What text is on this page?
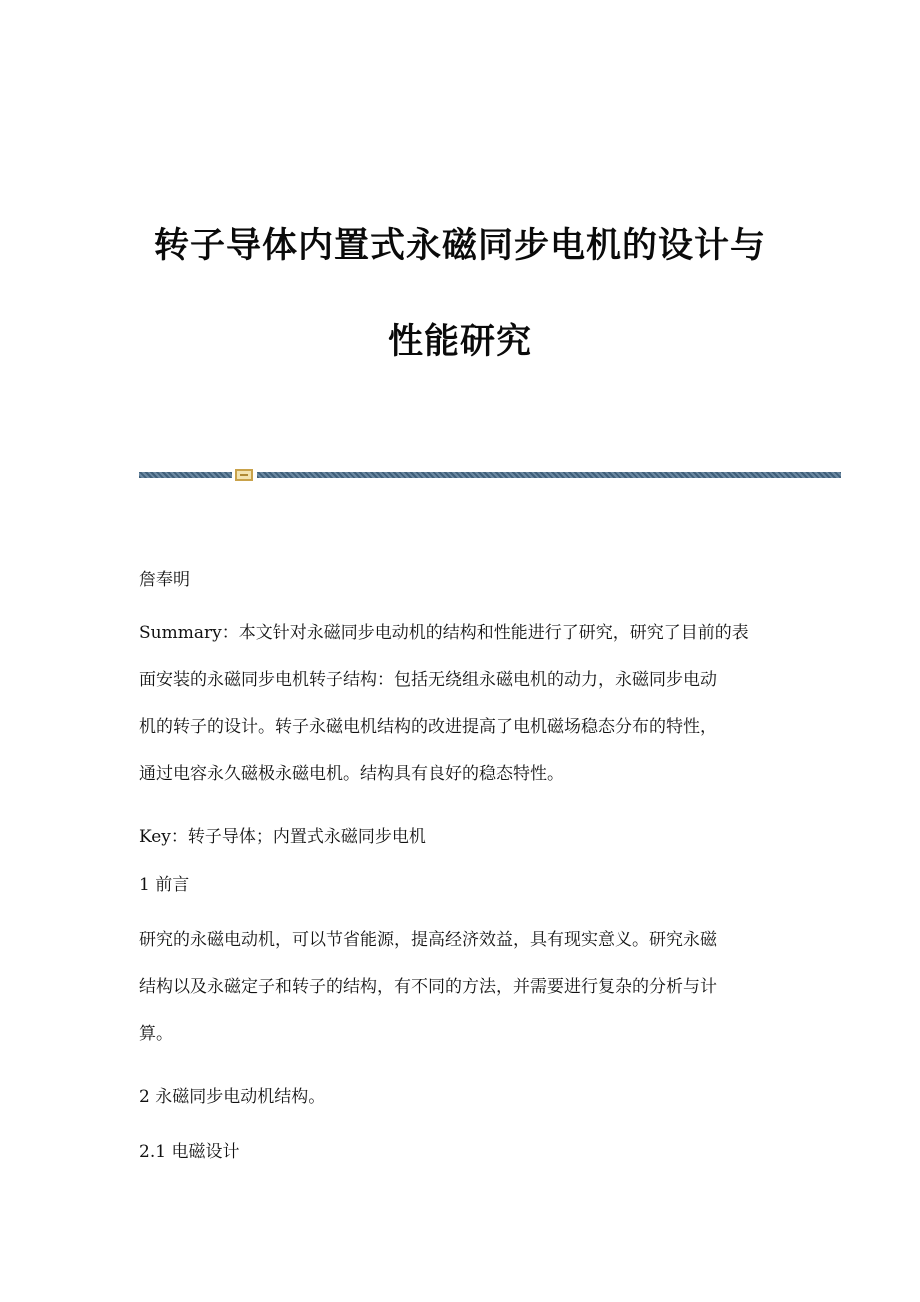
转子导体内置式永磁同步电机的设计与
性能研究

詹奉明

Summary：本文针对永磁同步电动机的结构和性能进行了研究，研究了目前的表
面安装的永磁同步电机转子结构：包括无绕组永磁电机的动力，永磁同步电动
机的转子的设计。转子永磁电机结构的改进提高了电机磁场稳态分布的特性，
通过电容永久磁极永磁电机。结构具有良好的稳态特性。

Key：转子导体；内置式永磁同步电机

1 前言

研究的永磁电动机，可以节省能源，提高经济效益，具有现实意义。研究永磁
结构以及永磁定子和转子的结构，有不同的方法，并需要进行复杂的分析与计
算。

2 永磁同步电动机结构。

2.1 电磁设计
